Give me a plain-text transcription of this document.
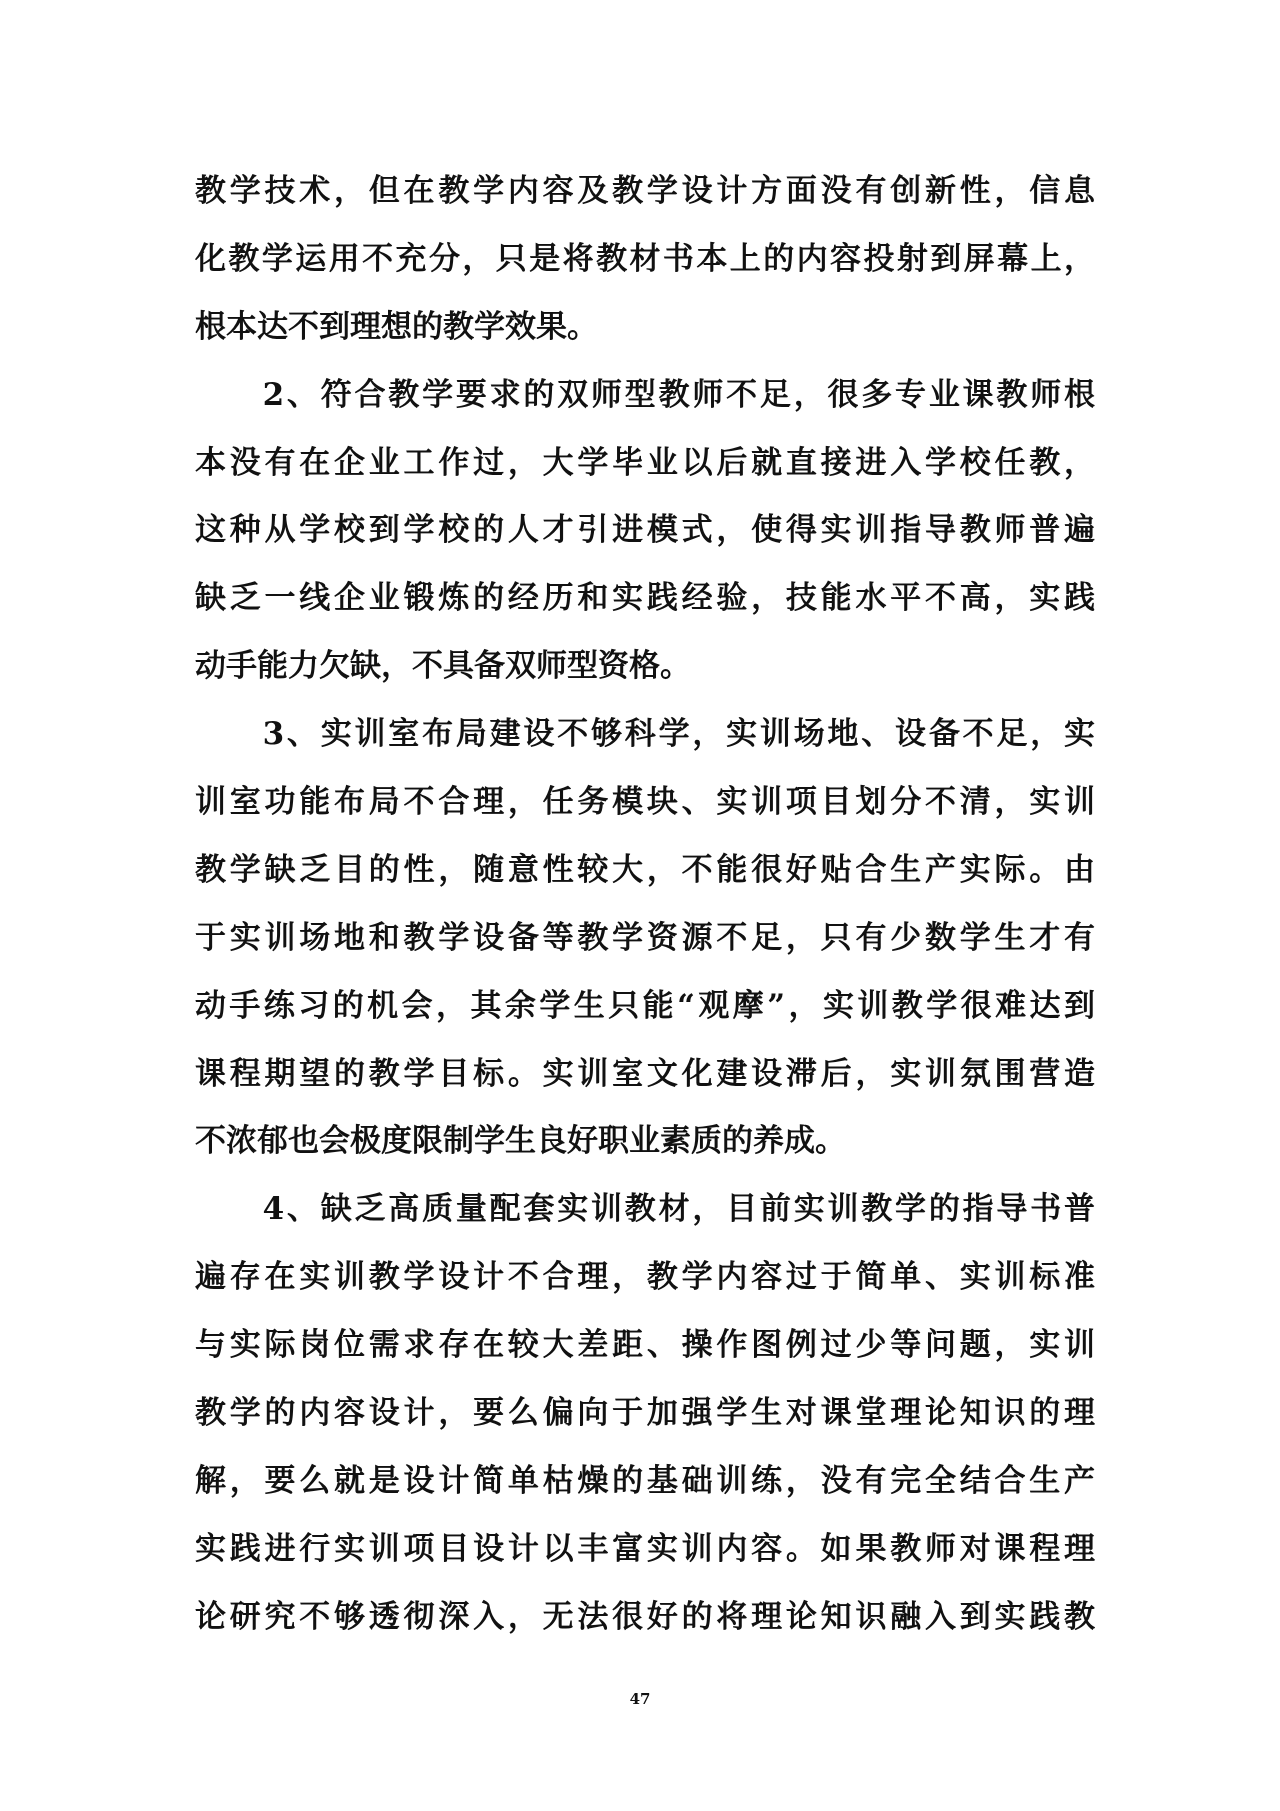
教学技术，但在教学内容及教学设计方面没有创新性，信息
化教学运用不充分，只是将教材书本上的内容投射到屏幕上，
根本达不到理想的教学效果。
　　2、符合教学要求的双师型教师不足，很多专业课教师根
本没有在企业工作过，大学毕业以后就直接进入学校任教，
这种从学校到学校的人才引进模式，使得实训指导教师普遍
缺乏一线企业锻炼的经历和实践经验，技能水平不高，实践
动手能力欠缺，不具备双师型资格。
　　3、实训室布局建设不够科学，实训场地、设备不足，实
训室功能布局不合理，任务模块、实训项目划分不清，实训
教学缺乏目的性，随意性较大，不能很好贴合生产实际。由
于实训场地和教学设备等教学资源不足，只有少数学生才有
动手练习的机会，其余学生只能“观摩”，实训教学很难达到
课程期望的教学目标。实训室文化建设滞后，实训氛围营造
不浓郁也会极度限制学生良好职业素质的养成。
　　4、缺乏高质量配套实训教材，目前实训教学的指导书普
遍存在实训教学设计不合理，教学内容过于简单、实训标准
与实际岗位需求存在较大差距、操作图例过少等问题，实训
教学的内容设计，要么偏向于加强学生对课堂理论知识的理
解，要么就是设计简单枯燥的基础训练，没有完全结合生产
实践进行实训项目设计以丰富实训内容。如果教师对课程理
论研究不够透彻深入，无法很好的将理论知识融入到实践教
47
